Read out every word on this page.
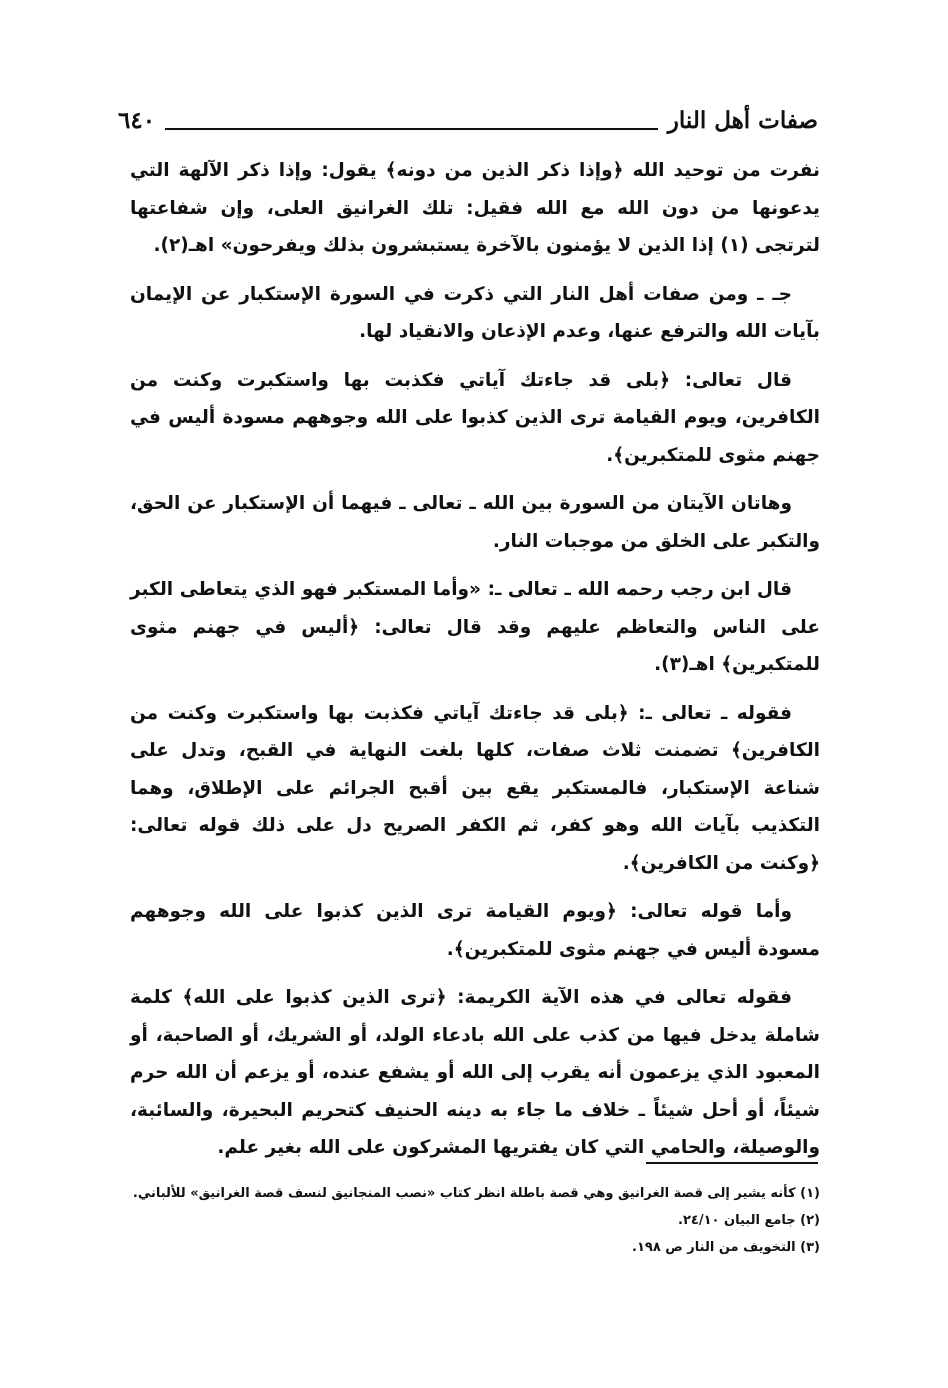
صفات أهل النار
٦٤٠

نفرت من توحيد الله ﴿وإذا ذكر الذين من دونه﴾ يقول: وإذا ذكر الآلهة التي يدعونها من دون الله مع الله فقيل: تلك الغرانيق العلى، وإن شفاعتها لترتجى (١) إذا الذين لا يؤمنون بالآخرة يستبشرون بذلك ويفرحون» اهـ(٢).

جـ ـ ومن صفات أهل النار التي ذكرت في السورة الإستكبار عن الإيمان بآيات الله والترفع عنها، وعدم الإذعان والانقياد لها.

قال تعالى: ﴿بلى قد جاءتك آياتي فكذبت بها واستكبرت وكنت من الكافرين، ويوم القيامة ترى الذين كذبوا على الله وجوههم مسودة أليس في جهنم مثوى للمتكبرين﴾.

وهاتان الآيتان من السورة بين الله ـ تعالى ـ فيهما أن الإستكبار عن الحق، والتكبر على الخلق من موجبات النار.

قال ابن رجب رحمه الله ـ تعالى ـ: «وأما المستكبر فهو الذي يتعاطى الكبر على الناس والتعاظم عليهم وقد قال تعالى: ﴿أليس في جهنم مثوى للمتكبرين﴾ اهـ(٣).

فقوله ـ تعالى ـ: ﴿بلى قد جاءتك آياتي فكذبت بها واستكبرت وكنت من الكافرين﴾ تضمنت ثلاث صفات، كلها بلغت النهاية في القبح، وتدل على شناعة الإستكبار، فالمستكبر يقع بين أقبح الجرائم على الإطلاق، وهما التكذيب بآيات الله وهو كفر، ثم الكفر الصريح دل على ذلك قوله تعالى: ﴿وكنت من الكافرين﴾.

وأما قوله تعالى: ﴿ويوم القيامة ترى الذين كذبوا على الله وجوههم مسودة أليس في جهنم مثوى للمتكبرين﴾.

فقوله تعالى في هذه الآية الكريمة: ﴿ترى الذين كذبوا على الله﴾ كلمة شاملة يدخل فيها من كذب على الله بادعاء الولد، أو الشريك، أو الصاحبة، أو المعبود الذي يزعمون أنه يقرب إلى الله أو يشفع عنده، أو يزعم أن الله حرم شيئاً، أو أحل شيئاً ـ خلاف ما جاء به دينه الحنيف كتحريم البحيرة، والسائبة، والوصيلة، والحامي التي كان يفتريها المشركون على الله بغير علم.

(١) كأنه يشير إلى قصة الغرانيق وهي قصة باطلة انظر كتاب «نصب المنجانيق لنسف قصة الغرانيق» للألباني.

(٢) جامع البيان ٢٤/١٠.

(٣) التخويف من النار ص ١٩٨.
